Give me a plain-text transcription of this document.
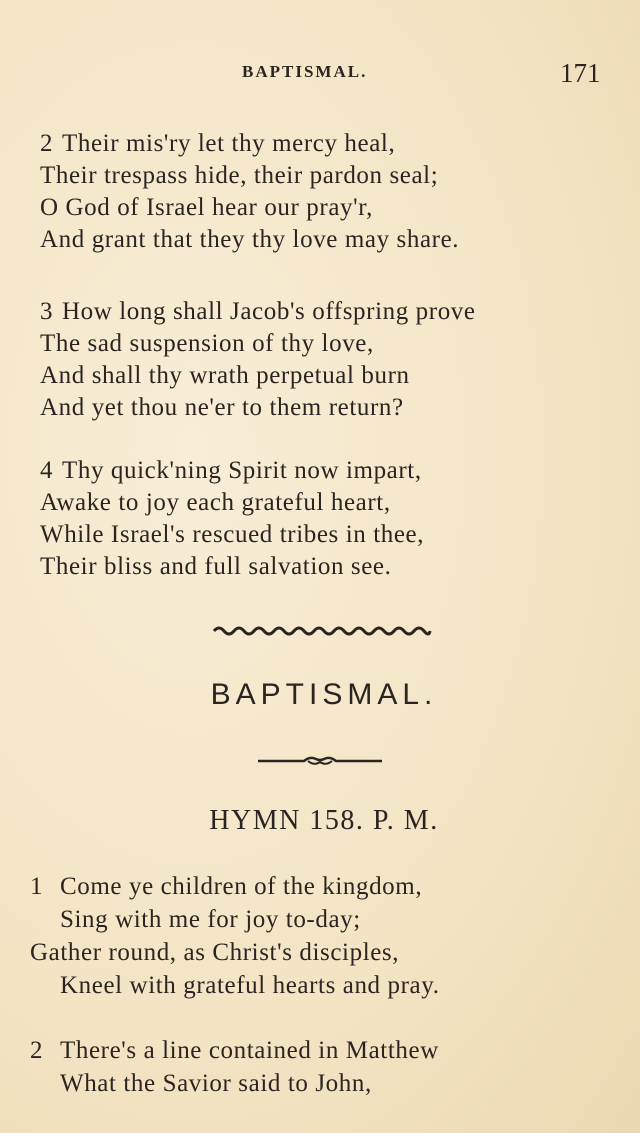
BAPTISMAL.	171
2 Their mis'ry let thy mercy heal,
Their trespass hide, their pardon seal;
O God of Israel hear our pray'r,
And grant that they thy love may share.
3 How long shall Jacob's offspring prove
The sad suspension of thy love,
And shall thy wrath perpetual burn
And yet thou ne'er to them return?
4 Thy quick'ning Spirit now impart,
Awake to joy each grateful heart,
While Israel's rescued tribes in thee,
Their bliss and full salvation see.
BAPTISMAL.
HYMN 158. P. M.
1 Come ye children of the kingdom,
Sing with me for joy to-day;
Gather round, as Christ's disciples,
Kneel with grateful hearts and pray.
2 There's a line contained in Matthew
What the Savior said to John,
